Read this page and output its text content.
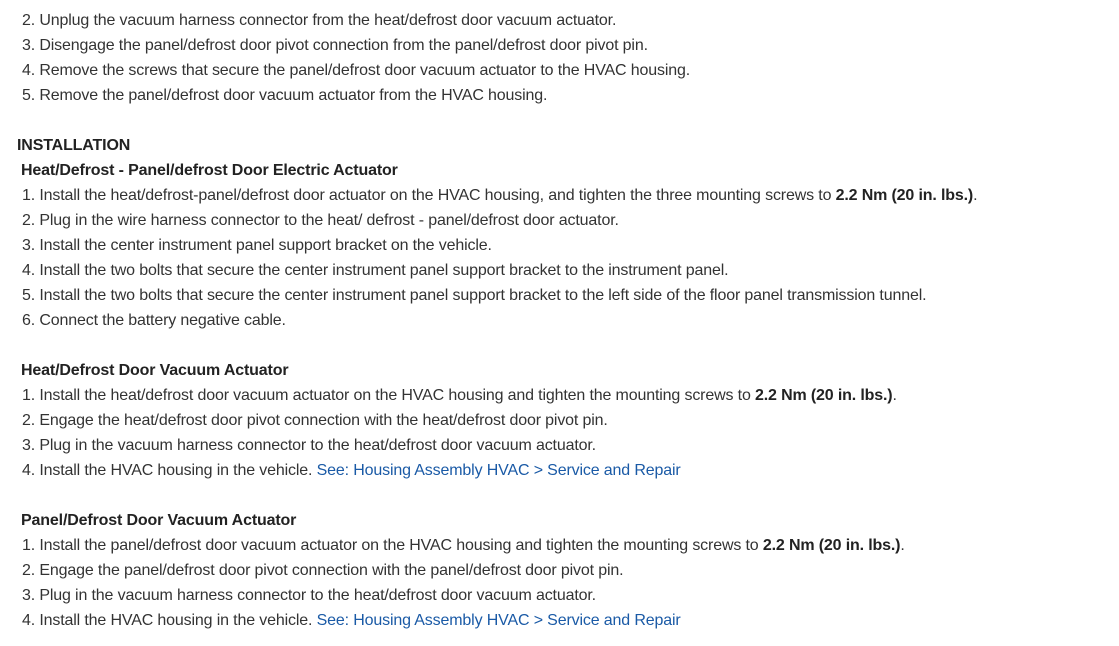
2. Unplug the vacuum harness connector from the heat/defrost door vacuum actuator.
3. Disengage the panel/defrost door pivot connection from the panel/defrost door pivot pin.
4. Remove the screws that secure the panel/defrost door vacuum actuator to the HVAC housing.
5. Remove the panel/defrost door vacuum actuator from the HVAC housing.
INSTALLATION
Heat/Defrost - Panel/defrost Door Electric Actuator
1. Install the heat/defrost-panel/defrost door actuator on the HVAC housing, and tighten the three mounting screws to 2.2 Nm (20 in. lbs.).
2. Plug in the wire harness connector to the heat/ defrost - panel/defrost door actuator.
3. Install the center instrument panel support bracket on the vehicle.
4. Install the two bolts that secure the center instrument panel support bracket to the instrument panel.
5. Install the two bolts that secure the center instrument panel support bracket to the left side of the floor panel transmission tunnel.
6. Connect the battery negative cable.
Heat/Defrost Door Vacuum Actuator
1. Install the heat/defrost door vacuum actuator on the HVAC housing and tighten the mounting screws to 2.2 Nm (20 in. lbs.).
2. Engage the heat/defrost door pivot connection with the heat/defrost door pivot pin.
3. Plug in the vacuum harness connector to the heat/defrost door vacuum actuator.
4. Install the HVAC housing in the vehicle. See: Housing Assembly HVAC > Service and Repair
Panel/Defrost Door Vacuum Actuator
1. Install the panel/defrost door vacuum actuator on the HVAC housing and tighten the mounting screws to 2.2 Nm (20 in. lbs.).
2. Engage the panel/defrost door pivot connection with the panel/defrost door pivot pin.
3. Plug in the vacuum harness connector to the heat/defrost door vacuum actuator.
4. Install the HVAC housing in the vehicle. See: Housing Assembly HVAC > Service and Repair
